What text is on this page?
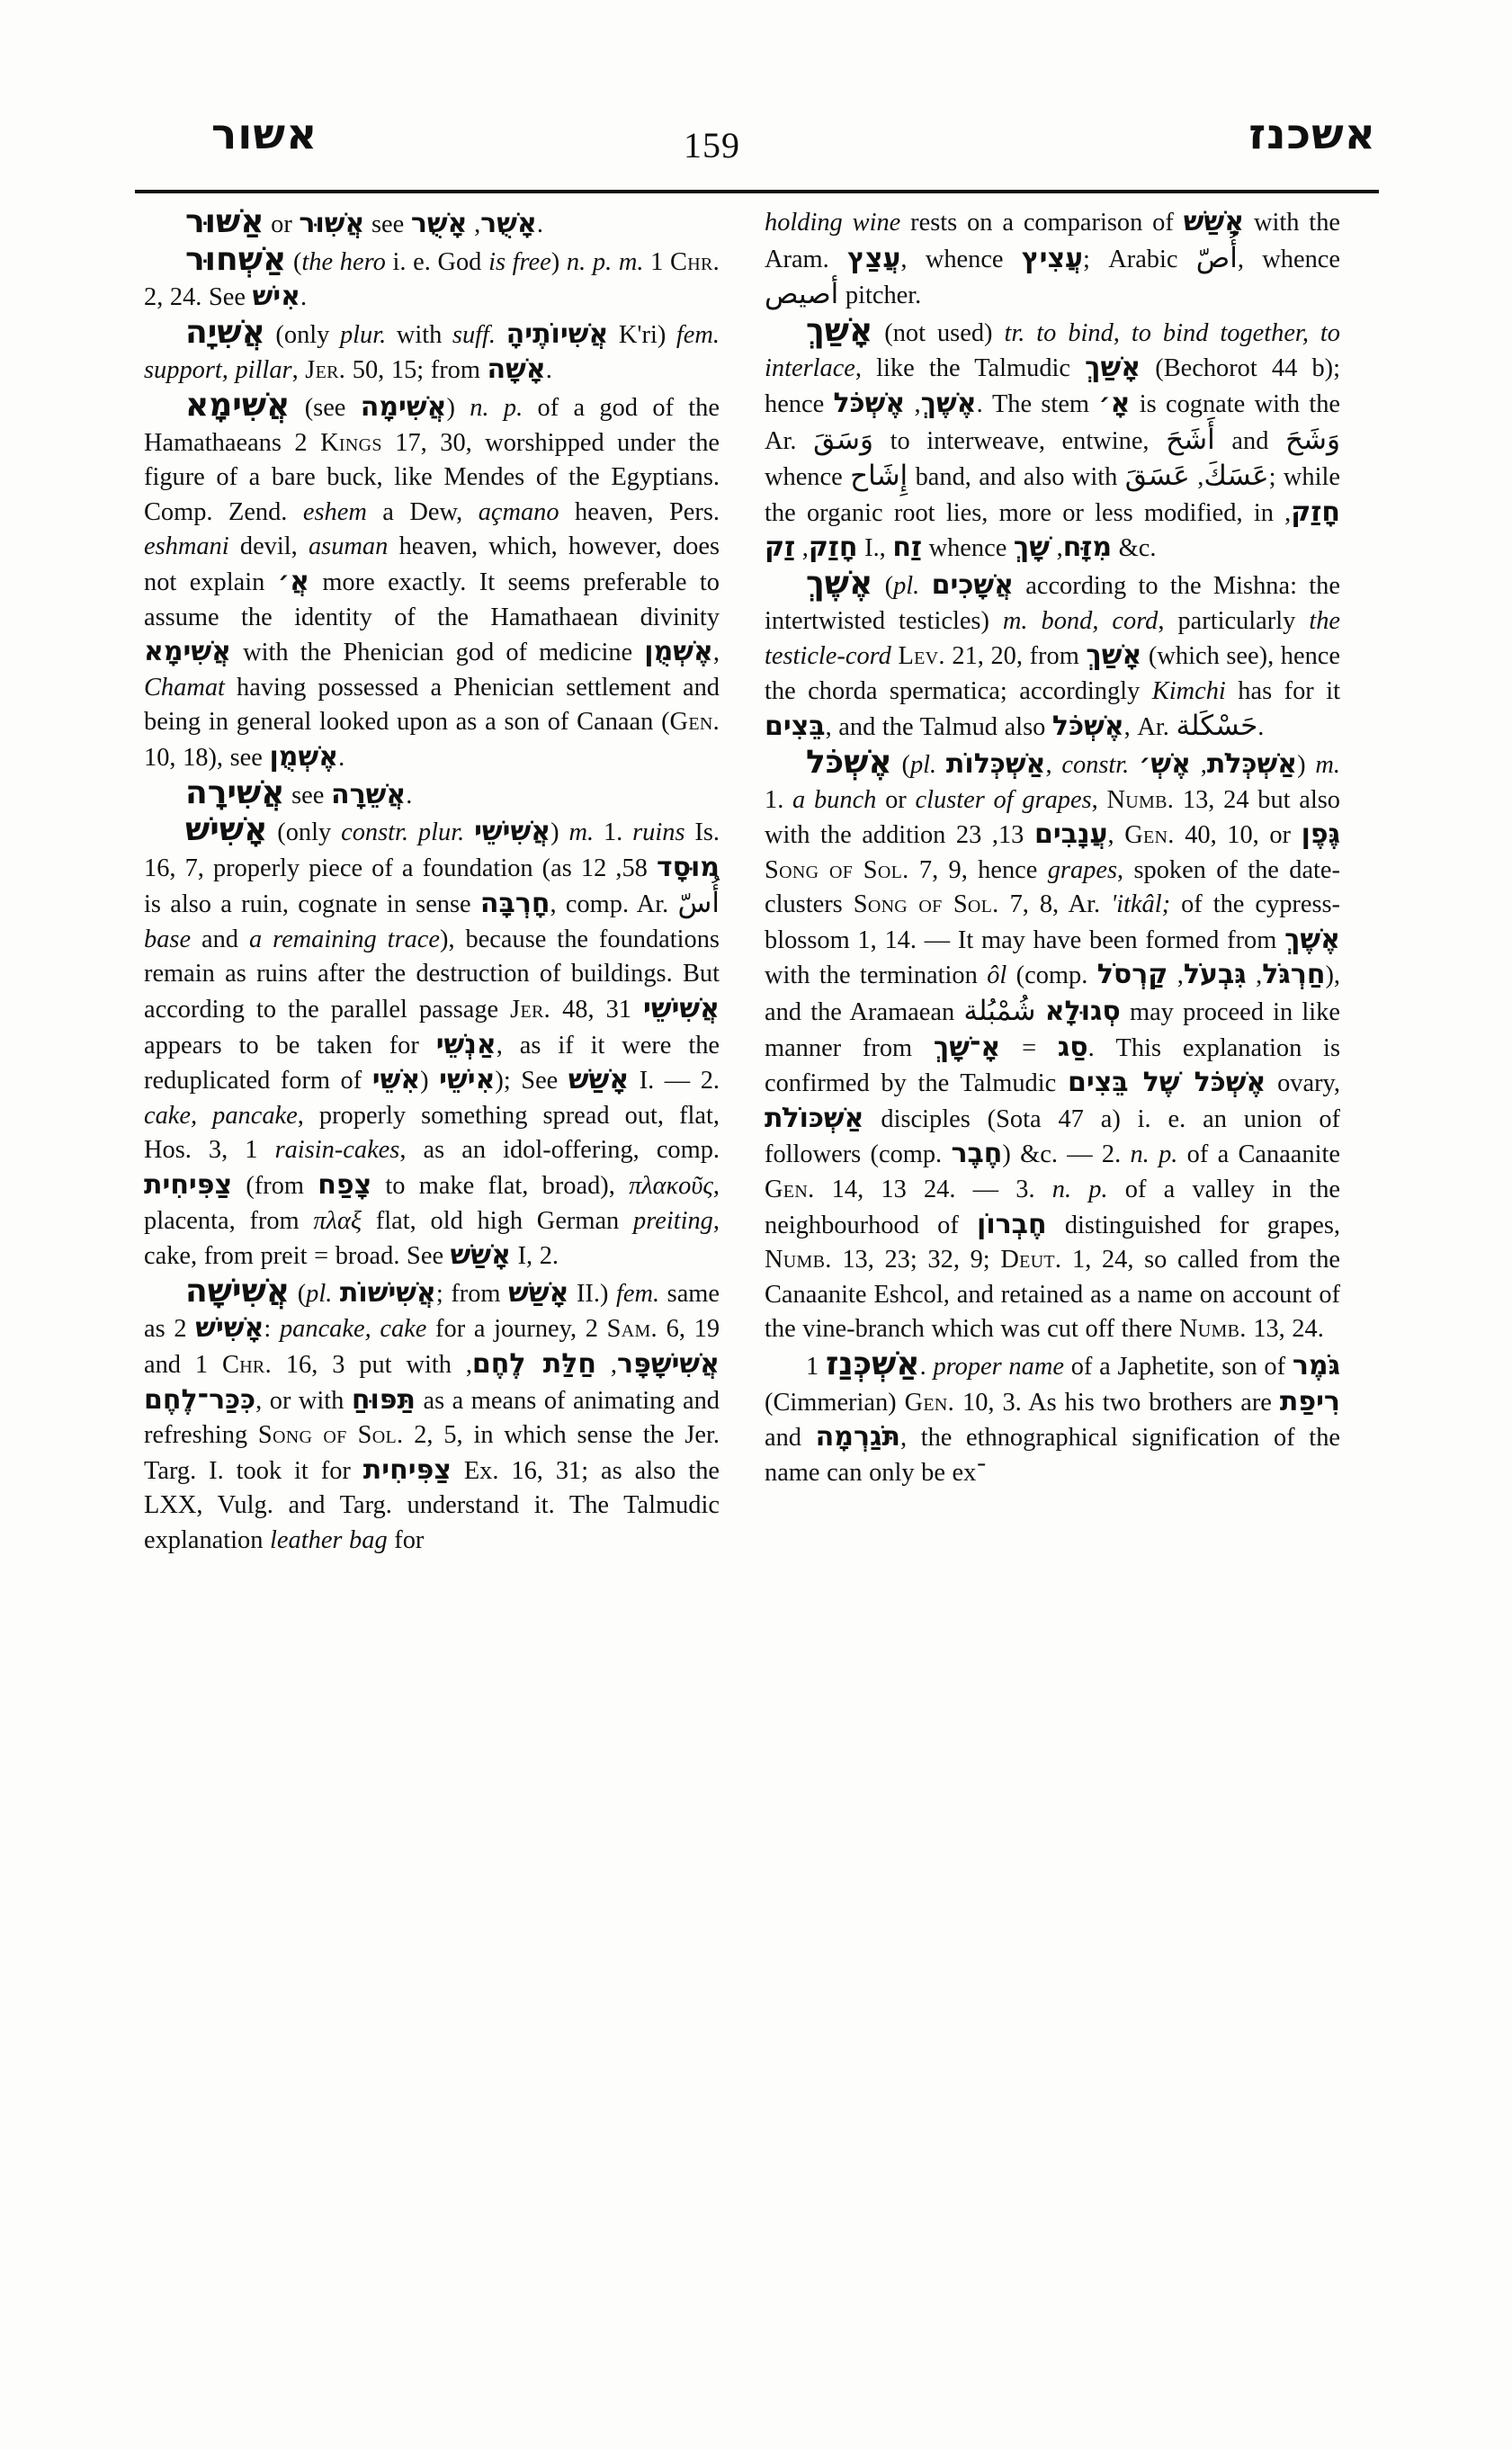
אשור	159	אשכנז

אַשּׁוּר or אֲשִׁוּר see	אָשֻׁר, אָשֻׁר	.

אַשְׁחוּר (the hero i. e. God is free) n. p. m. 1 Chr. 2, 24. See אִישׁ.

אֲשִׁיָה (only plur. with suff. אֲשִׁיוֹתֶיהָ K'ri) fem. support, pillar, Jer. 50, 15; from אָשָׁה.

אֲשִׁימָא (see אֲשִׁימָה) n. p. of a god of the Hamathaeans 2 Kings 17, 30, worshipped under the figure of a bare buck, like Mendes of the Egyptians. Comp. Zend. eshem a Dew, açmano heaven, Pers. eshmani devil, asuman heaven, which, however, does not explain אֲ׳ more exactly. It seems preferable to assume the identity of the Hamathaean divinity אֲשִׁימָא with the Phenician god of medicine אֶשְׁמֻן, Chamat having possessed a Phenician settlement and being in general looked upon as a son of Canaan (Gen. 10, 18), see אֶשְׁמֻן.

אֲשִׁירָה see אֲשֵׁרָה.

אָשִׁישׁ (only constr. plur. אֲשִׁישֵׁי) m. 1. ruins Is. 16, 7, properly piece of a foundation (as	מוּסָד 58, 12 is also a ruin, cognate in sense חָרְבָּה, comp. Ar. أُسّ base and a remaining trace), because the foundations remain as ruins after the destruction of buildings. But according to the parallel passage Jer. 48, 31 אֲשִׁישֵׁי appears to be taken for אַנְשֵׁי, as if it were the reduplicated form of אִישֵׁי (אִשֵּׁי	); See אָשַׁשׁ I. — 2. cake, pancake, properly something spread out, flat, Hos. 3, 1 raisin-cakes, as an idol-offering, comp. צַפִּיחִית (from צָפַח to make flat, broad), πλακοῦς, placenta, from πλαξ flat, old high German preiting, cake, from preit = broad. See אָשַׁשׁ I, 2.

אֲשִׁישָׁה (pl. אֲשִׁישׁוֹת; from אָשַׁשׁ II.) fem. same as אָשִׁישׁ 2: pancake, cake for a journey, 2 Sam. 6, 19 and 1 Chr. 16, 3 put with	אֲשִׁישָׁפָּר, חַלַּת לֶחֶם, כִּכַּר־לֶחֶם, or with תַּפּוּחַ as a means of animating and refreshing Song of Sol. 2, 5, in which sense the Jer. Targ. I. took it for צַפִּיחִית Ex. 16, 31; as also the LXX, Vulg. and Targ. understand it. The Talmudic explanation leather bag for

holding wine rests on a comparison of אָשַׁשׁ with the Aram. עֲצַץ, whence עֲצִיץ; Arabic أُصّ, whence أصيص pitcher.

אָשַׁךְ (not used) tr. to bind, to bind together, to interlace, like the Talmudic אָשַׁךְ (Bechorot 44 b); hence	אֶשֶׁךְ, אֶשְׁכֹּל	. The stem אָ׳ is cognate with the Ar. وَسَقَ to interweave, entwine, أَشَحَ and وَشَحَ whence إِشَاح band, and also with	عَسَكَ, عَسَقَ	; while the organic root lies, more or less modified, in חָזַק, חָזַק, זַק I., זַח whence מִזָּח, שָׁךְ &c.

אֶשֶׁךְ (pl. אֲשָׁכִים according to the Mishna: the intertwisted testicles) m. bond, cord, particularly the testicle-cord Lev. 21, 20, from אָשַׁךְ (which see), hence the chorda spermatica; accordingly Kimchi has for it בֵּצִים, and the Talmud also אֶשְׁכֹּל, Ar. حَسْكَلة.

אֶשְׁכֹּל (pl. אַשְׁכְּלוֹת, constr.	אַשְׁכְּלֹת, אֶשְׁ׳	) m. 1. a bunch or cluster of grapes, Numb. 13, 24 but also with the addition	עֲנָבִים 13, 23, Gen. 40, 10, or גֶּפֶן Song of Sol. 7, 9, hence grapes, spoken of the date-clusters Song of Sol. 7, 8, Ar. 'itkâl; of the cypress-blossom 1, 14. — It may have been formed from אֶשֶׁךְ with the termination ôl (comp.	חַרְגֹּל, גִּבְעֹל, קַרְסֹל	), and the Aramaean	סְגוּלָא شُمْبُلة	may proceed in like manner from	סַג = אָ־שָׁךְ	. This explanation is confirmed by the Talmudic אֶשְׁכֹּל שֶׁל בֵּצִים ovary, אַשְׁכּוֹלֹת disciples (Sota 47 a) i. e. an union of followers (comp. חֶבֶר) &c. — 2. n. p. of a Canaanite Gen. 14, 13 24. — 3. n. p. of a valley in the neighbourhood of חֶבְרוֹן distinguished for grapes, Numb. 13, 23; 32, 9; Deut. 1, 24, so called from the Canaanite Eshcol, and retained as a name on account of the vine-branch which was cut off there Numb. 13, 24.

אַשְׁכְּנַז 1. proper name of a Japhetite, son of גֹּמֶר (Cimmerian) Gen. 10, 3. As his two brothers are רִיפַת and תֹּגַרְמָה, the ethnographical signification of the name can only be ex־
